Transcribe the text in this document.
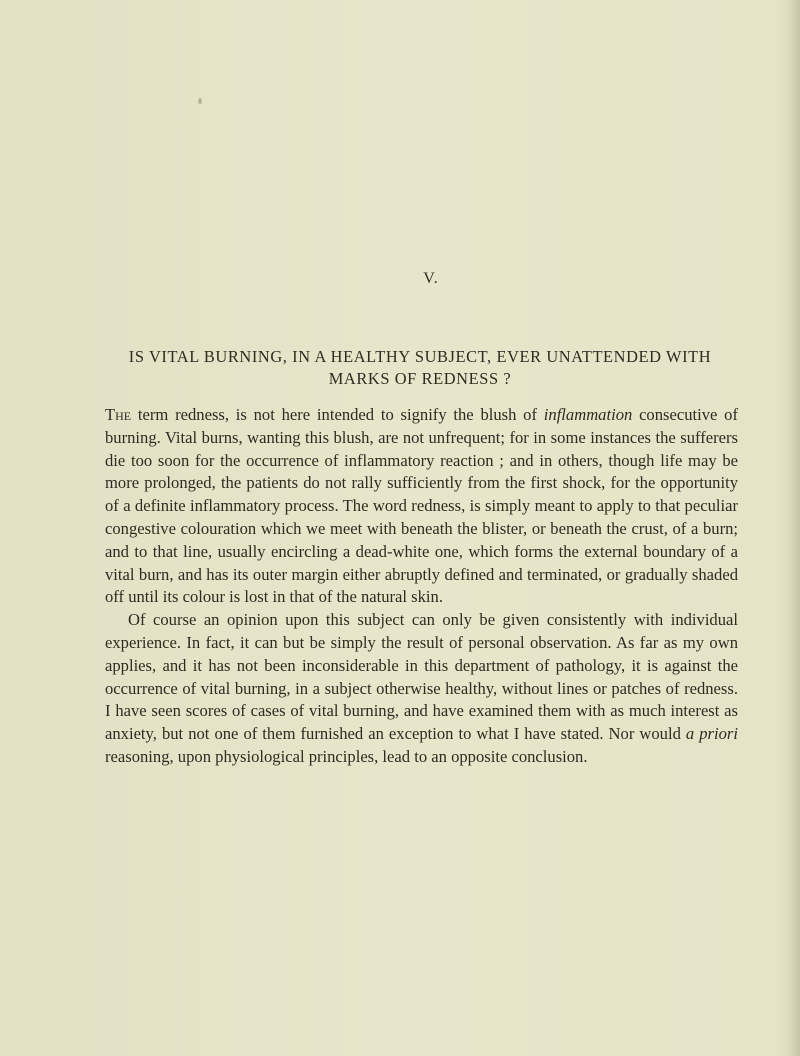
V.
IS VITAL BURNING, IN A HEALTHY SUBJECT, EVER UNATTENDED WITH
MARKS OF REDNESS ?

The term redness, is not here intended to signify the blush of inflammation consecutive of burning. Vital burns, wanting this blush, are not unfrequent; for in some instances the sufferers die too soon for the occurrence of inflammatory reaction ; and in others, though life may be more prolonged, the patients do not rally sufficiently from the first shock, for the opportunity of a definite inflammatory process. The word redness, is simply meant to apply to that peculiar congestive colouration which we meet with beneath the blister, or beneath the crust, of a burn; and to that line, usually encircling a dead-white one, which forms the external boundary of a vital burn, and has its outer margin either abruptly defined and terminated, or gradually shaded off until its colour is lost in that of the natural skin.

Of course an opinion upon this subject can only be given consistently with individual experience. In fact, it can but be simply the result of personal observation. As far as my own applies, and it has not been inconsiderable in this department of pathology, it is against the occurrence of vital burning, in a subject otherwise healthy, without lines or patches of redness. I have seen scores of cases of vital burning, and have examined them with as much interest as anxiety, but not one of them furnished an exception to what I have stated. Nor would a priori reasoning, upon physiological principles, lead to an opposite conclusion.
